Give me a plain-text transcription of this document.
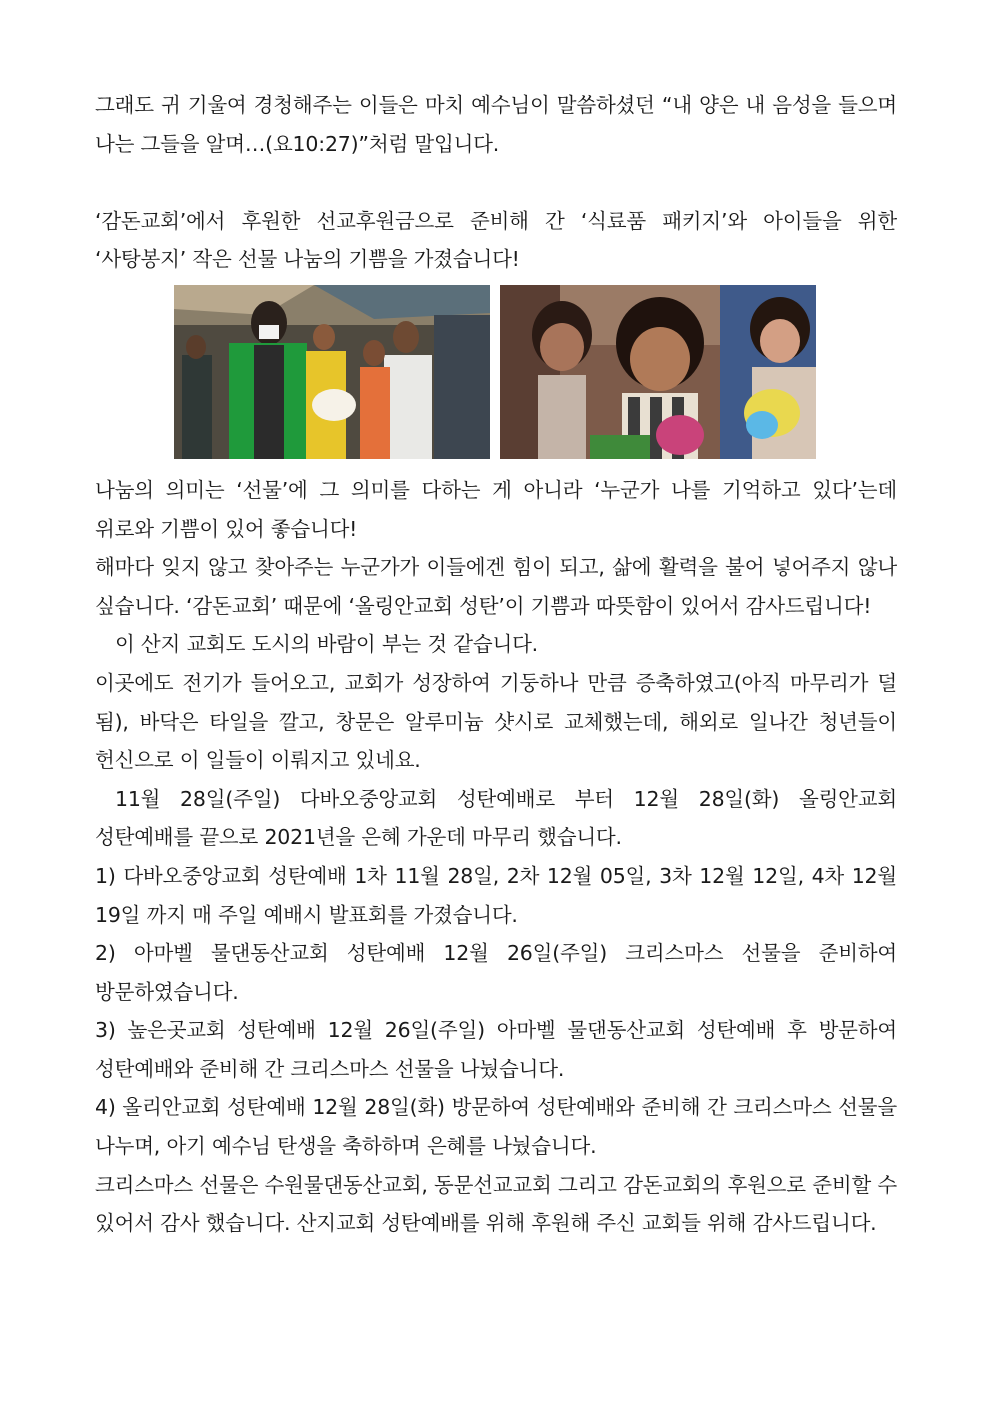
그래도 귀 기울여 경청해주는 이들은 마치 예수님이 말씀하셨던 “내 양은 내 음성을 들으며 나는 그들을 알며…(요10:27)”처럼 말입니다.

‘감돈교회’에서 후원한 선교후원금으로 준비해 간 ‘식료품 패키지’와 아이들을 위한 ‘사탕봉지’ 작은 선물 나눔의 기쁨을 가졌습니다!

나눔의 의미는 ‘선물’에 그 의미를 다하는 게 아니라 ‘누군가 나를 기억하고 있다’는데 위로와 기쁨이 있어 좋습니다!

해마다 잊지 않고 찾아주는 누군가가 이들에겐 힘이 되고, 삶에 활력을 불어 넣어주지 않나 싶습니다. ‘감돈교회’ 때문에 ‘올링안교회 성탄’이 기쁨과 따뜻함이 있어서 감사드립니다!

이 산지 교회도 도시의 바람이 부는 것 같습니다.

이곳에도 전기가 들어오고, 교회가 성장하여 기둥하나 만큼 증축하였고(아직 마무리가 덜 됨), 바닥은 타일을 깔고, 창문은 알루미늄 샷시로 교체했는데, 해외로 일나간 청년들이 헌신으로 이 일들이 이뤄지고 있네요.

11월 28일(주일) 다바오중앙교회 성탄예배로 부터 12월 28일(화) 올링안교회 성탄예배를 끝으로 2021년을 은혜 가운데 마무리 했습니다.

1) 다바오중앙교회 성탄예배 1차 11월 28일, 2차 12월 05일, 3차 12월 12일, 4차 12월 19일 까지 매 주일 예배시 발표회를 가졌습니다.

2) 아마벨 물댄동산교회 성탄예배 12월 26일(주일) 크리스마스 선물을 준비하여 방문하였습니다.

3) 높은곳교회 성탄예배 12월 26일(주일) 아마벨 물댄동산교회 성탄예배 후 방문하여 성탄예배와 준비해 간 크리스마스 선물을 나눴습니다.

4) 올리안교회 성탄예배 12월 28일(화) 방문하여 성탄예배와 준비해 간 크리스마스 선물을 나누며, 아기 예수님 탄생을 축하하며 은혜를 나눴습니다.

크리스마스 선물은 수원물댄동산교회, 동문선교교회 그리고 감돈교회의 후원으로 준비할 수 있어서 감사 했습니다. 산지교회 성탄예배를 위해 후원해 주신 교회들 위해 감사드립니다.
